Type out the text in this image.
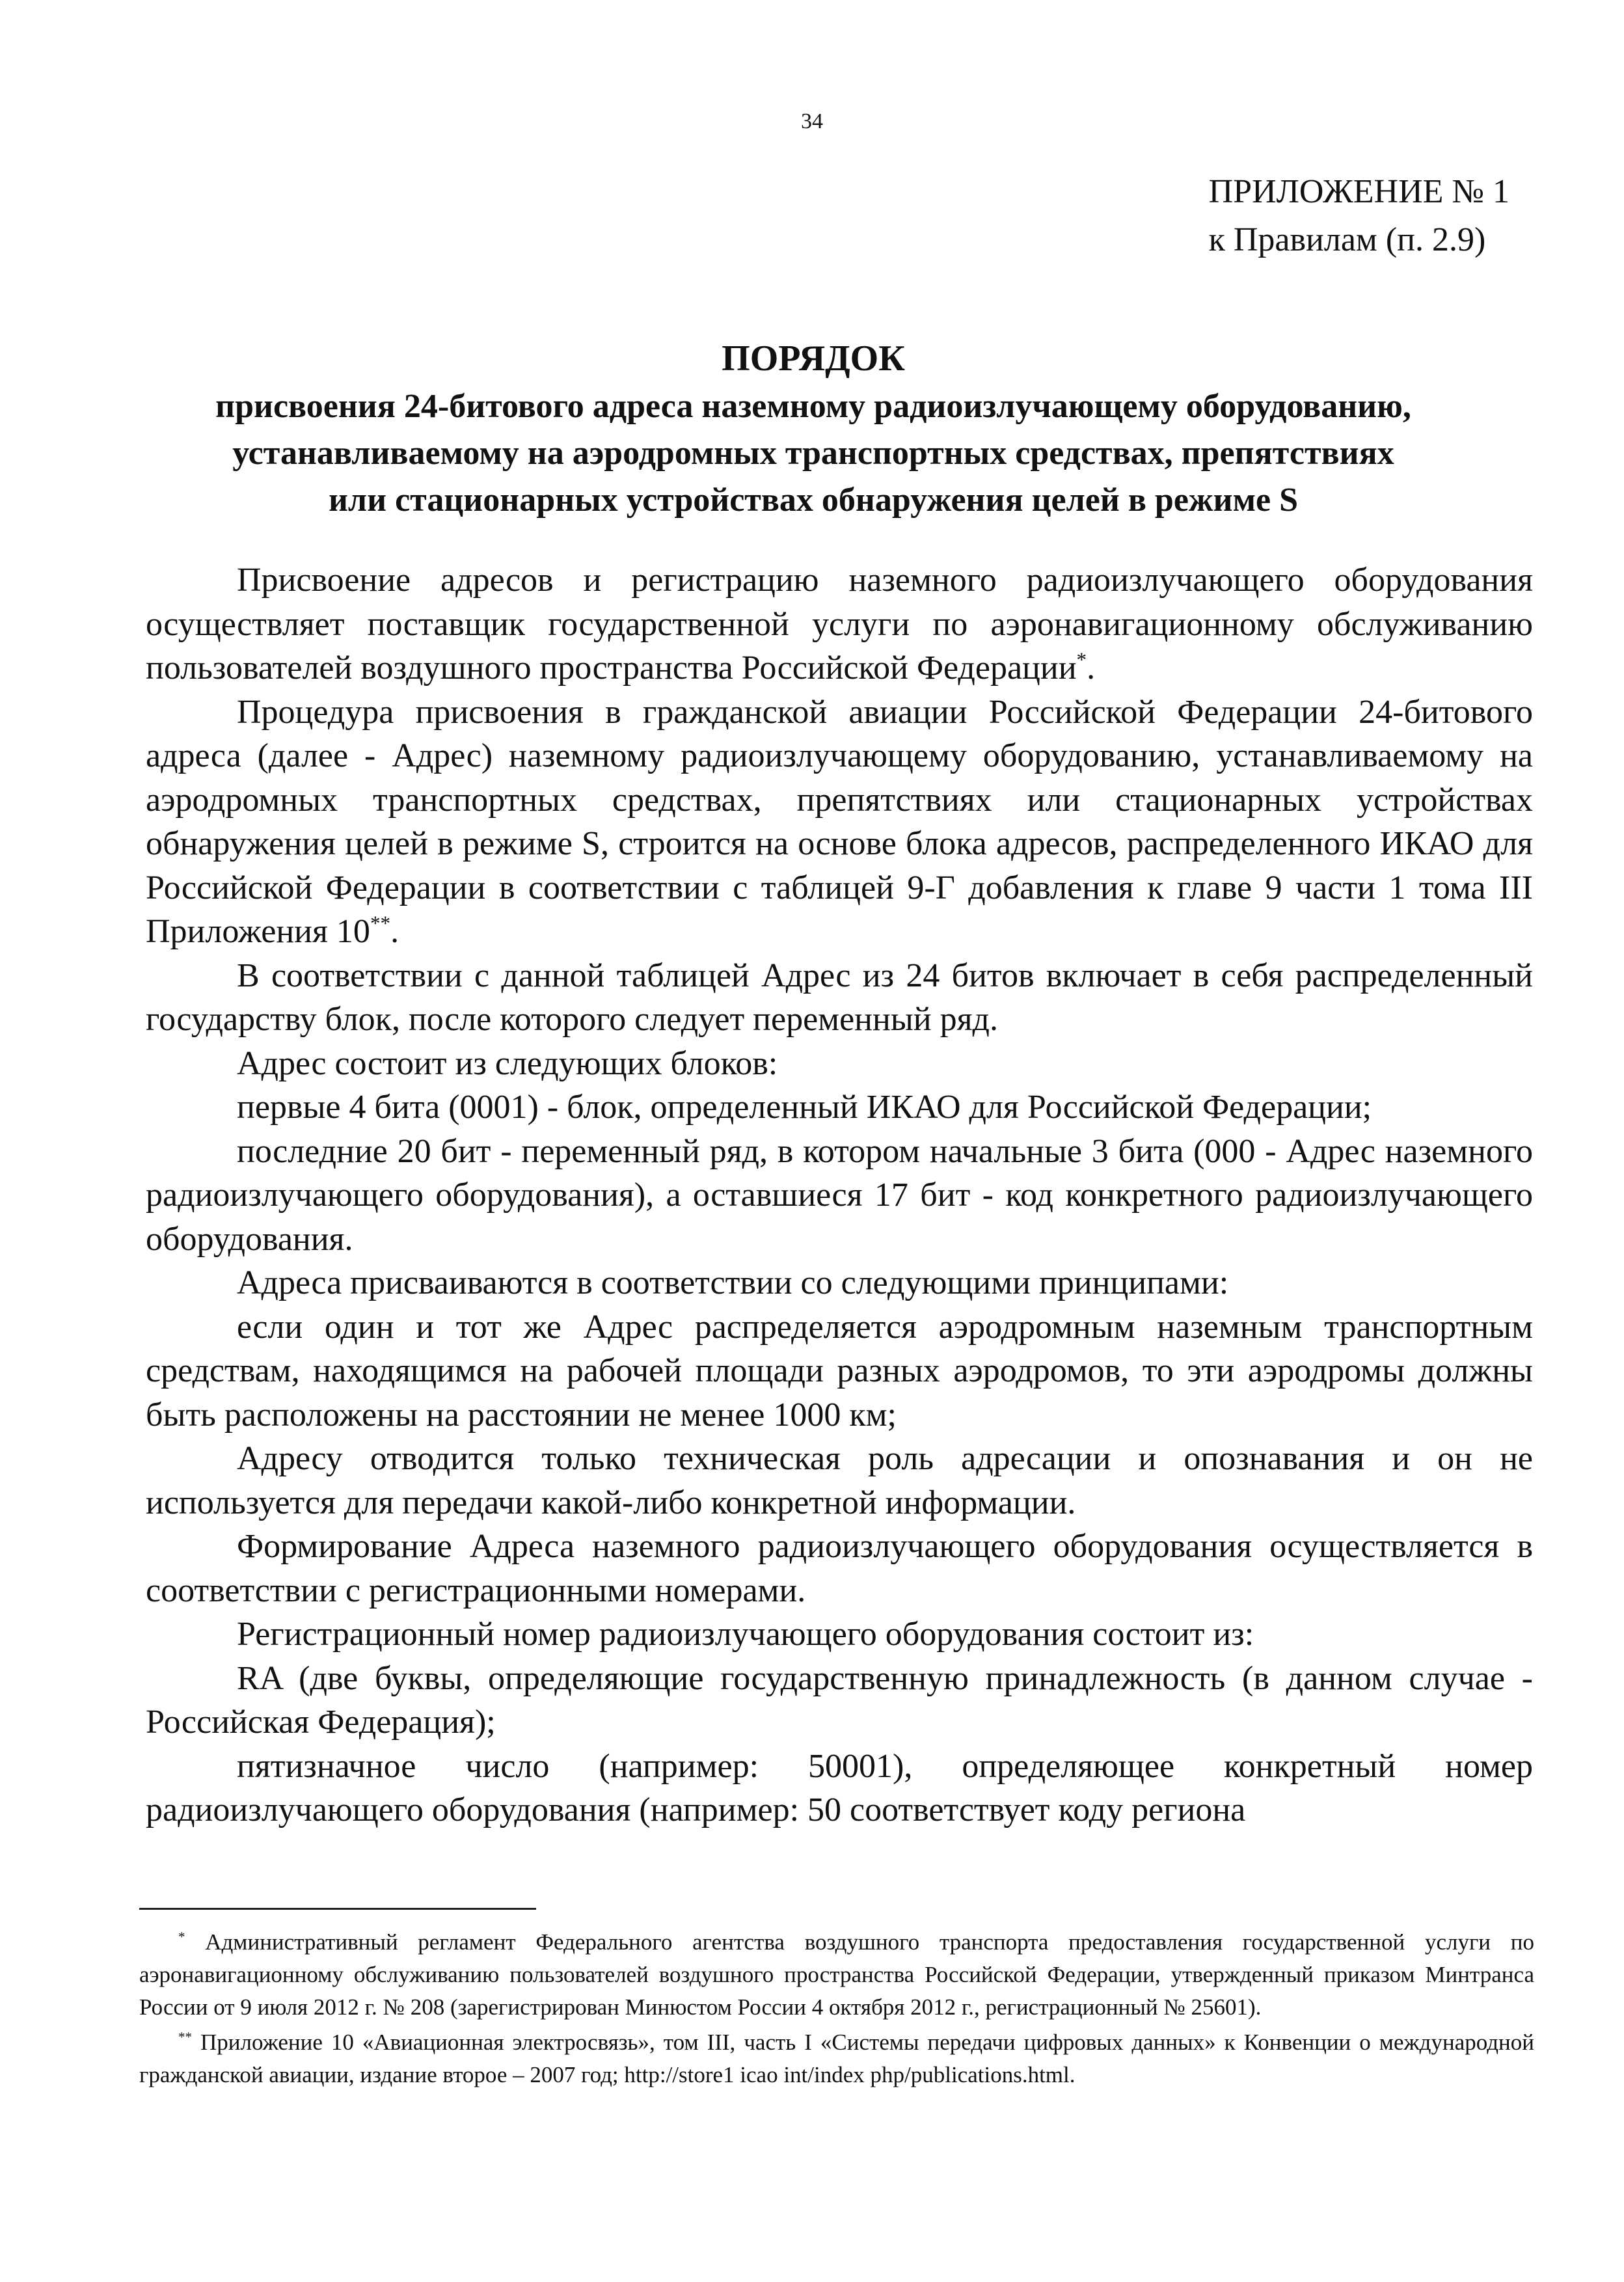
34
ПРИЛОЖЕНИЕ № 1
к Правилам (п. 2.9)
ПОРЯДОК
присвоения 24-битового адреса наземному радиоизлучающему оборудованию,
устанавливаемому на аэродромных транспортных средствах, препятствиях
или стационарных устройствах обнаружения целей в режиме S

Присвоение адресов и регистрацию наземного радиоизлучающего оборудования осуществляет поставщик государственной услуги по аэронавигационному обслуживанию пользователей воздушного пространства Российской Федерации*.

Процедура присвоения в гражданской авиации Российской Федерации 24-битового адреса (далее - Адрес) наземному радиоизлучающему оборудованию, устанавливаемому на аэродромных транспортных средствах, препятствиях или стационарных устройствах обнаружения целей в режиме S, строится на основе блока адресов, распределенного ИКАО для Российской Федерации в соответствии с таблицей 9-Г добавления к главе 9 части 1 тома III Приложения 10**.

В соответствии с данной таблицей Адрес из 24 битов включает в себя распределенный государству блок, после которого следует переменный ряд.

Адрес состоит из следующих блоков:

первые 4 бита (0001) - блок, определенный ИКАО для Российской Федерации;

последние 20 бит - переменный ряд, в котором начальные 3 бита (000 - Адрес наземного радиоизлучающего оборудования), а оставшиеся 17 бит - код конкретного радиоизлучающего оборудования.

Адреса присваиваются в соответствии со следующими принципами:

если один и тот же Адрес распределяется аэродромным наземным транспортным средствам, находящимся на рабочей площади разных аэродромов, то эти аэродромы должны быть расположены на расстоянии не менее 1000 км;

Адресу отводится только техническая роль адресации и опознавания и он не используется для передачи какой-либо конкретной информации.

Формирование Адреса наземного радиоизлучающего оборудования осуществляется в соответствии с регистрационными номерами.

Регистрационный номер радиоизлучающего оборудования состоит из:

RA (две буквы, определяющие государственную принадлежность (в данном случае - Российская Федерация);

пятизначное число (например: 50001), определяющее конкретный номер радиоизлучающего оборудования (например: 50 соответствует коду региона

* Административный регламент Федерального агентства воздушного транспорта предоставления государственной услуги по аэронавигационному обслуживанию пользователей воздушного пространства Российской Федерации, утвержденный приказом Минтранса России от 9 июля 2012 г. № 208 (зарегистрирован Минюстом России 4 октября 2012 г., регистрационный № 25601).

** Приложение 10 «Авиационная электросвязь», том III, часть I «Системы передачи цифровых данных» к Конвенции о международной гражданской авиации, издание второе – 2007 год; http://store1 icao int/index php/publications.html.
